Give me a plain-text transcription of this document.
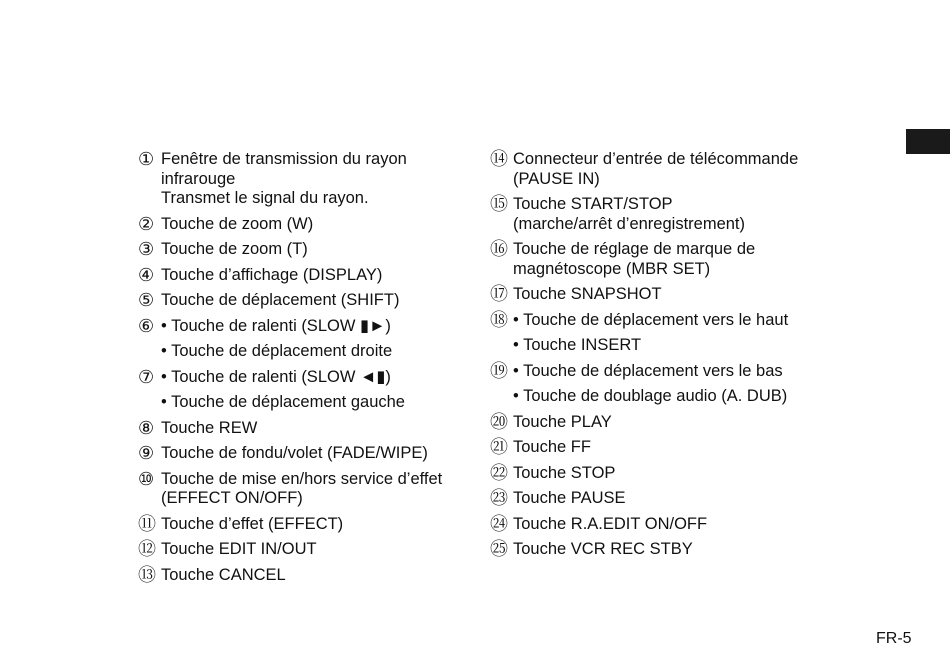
① Fenêtre de transmission du rayon
infrarouge
Transmet le signal du rayon.
② Touche de zoom (W)
③ Touche de zoom (T)
④ Touche d’affichage (DISPLAY)
⑤ Touche de déplacement (SHIFT)
⑥ • Touche de ralenti (SLOW ▮►)
• Touche de déplacement droite
⑦ • Touche de ralenti (SLOW ◄▮)
• Touche de déplacement gauche
⑧ Touche REW
⑨ Touche de fondu/volet (FADE/WIPE)
⑩ Touche de mise en/hors service d’effet
(EFFECT ON/OFF)
⑪ Touche d’effet (EFFECT)
⑫ Touche EDIT IN/OUT
⑬ Touche CANCEL
⑭ Connecteur d’entrée de télécommande
(PAUSE IN)
⑮ Touche START/STOP
(marche/arrêt d’enregistrement)
⑯ Touche de réglage de marque de
magnétoscope (MBR SET)
⑰ Touche SNAPSHOT
⑱ • Touche de déplacement vers le haut
• Touche INSERT
⑲ • Touche de déplacement vers le bas
• Touche de doublage audio (A. DUB)
⑳ Touche PLAY
㉑ Touche FF
㉒ Touche STOP
㉓ Touche PAUSE
㉔ Touche R.A.EDIT ON/OFF
㉕ Touche VCR REC STBY
FR-5
